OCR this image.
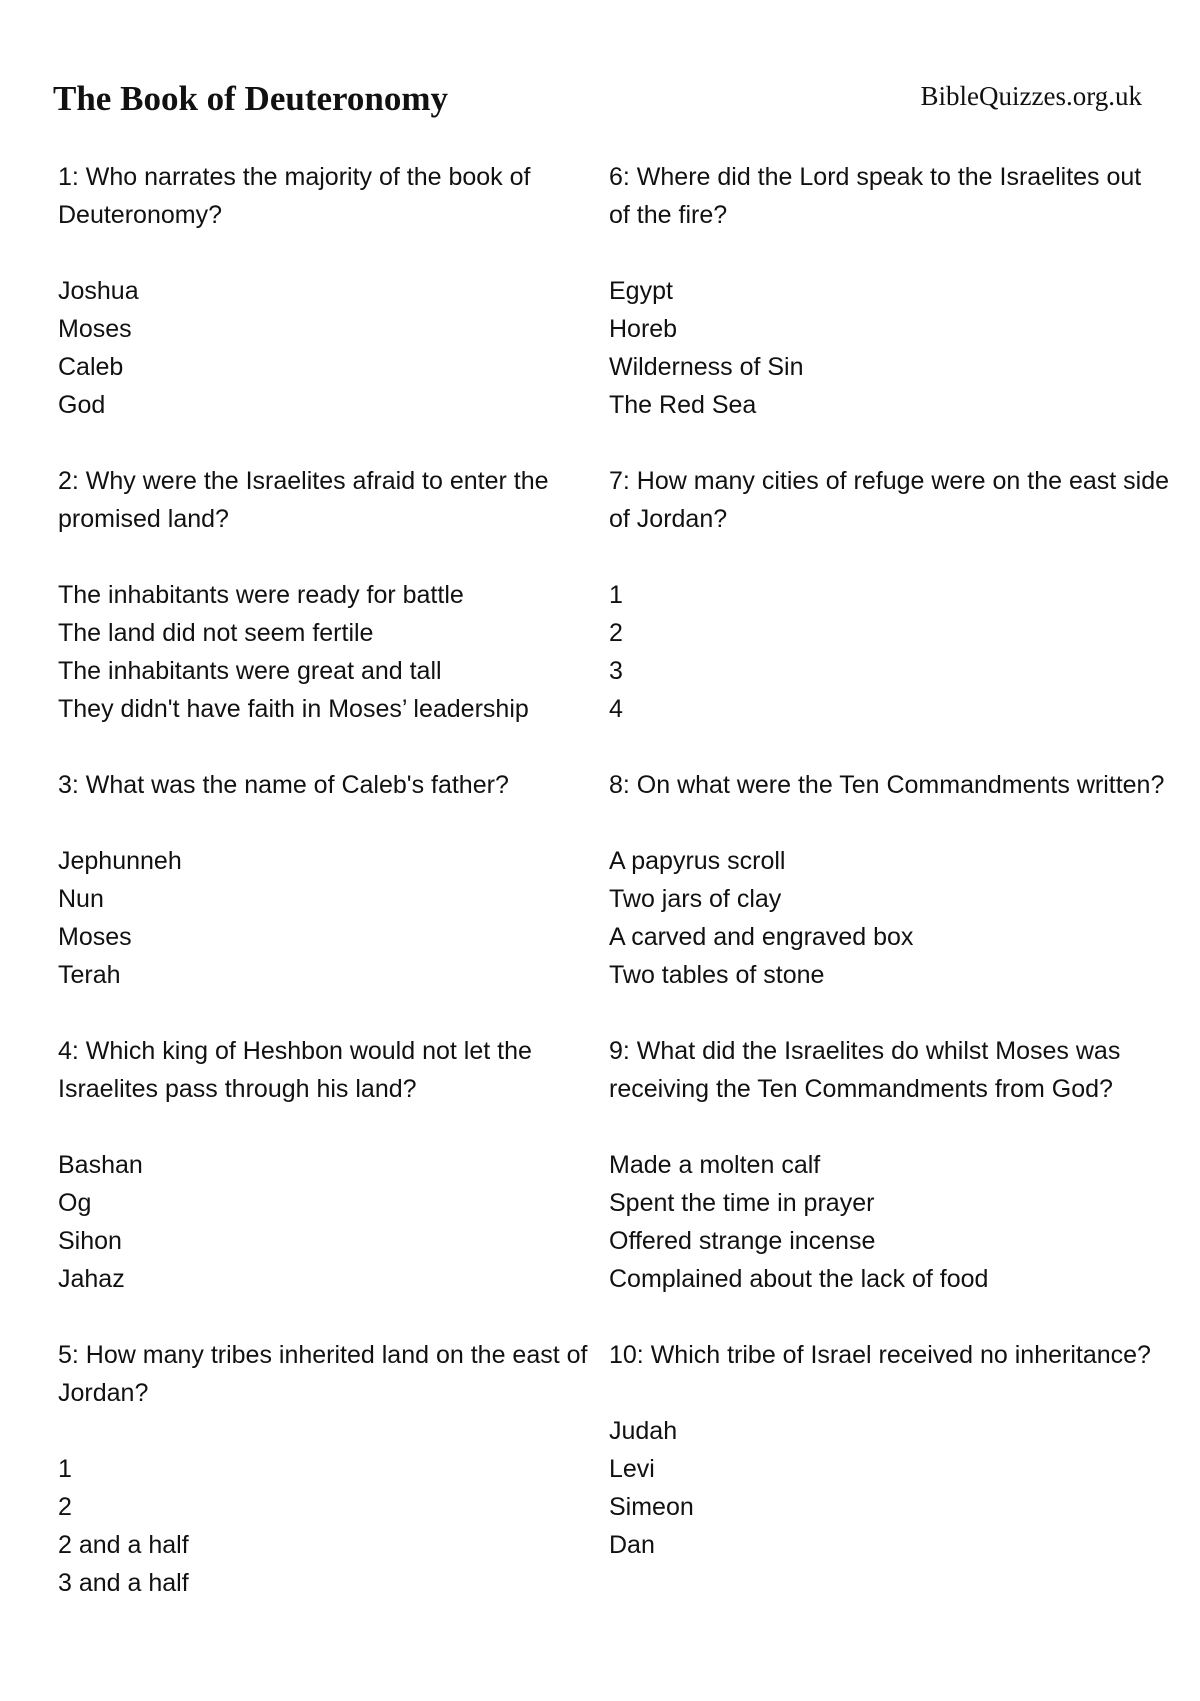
The Book of Deuteronomy	BibleQuizzes.org.uk
1: Who narrates the majority of the book of Deuteronomy?
Joshua
Moses
Caleb
God
2: Why were the Israelites afraid to enter the promised land?
The inhabitants were ready for battle
The land did not seem fertile
The inhabitants were great and tall
They didn't have faith in Moses’ leadership
3: What was the name of Caleb's father?
Jephunneh
Nun
Moses
Terah
4: Which king of Heshbon would not let the Israelites pass through his land?
Bashan
Og
Sihon
Jahaz
5: How many tribes inherited land on the east of Jordan?
1
2
2 and a half
3 and a half
6: Where did the Lord speak to the Israelites out of the fire?
Egypt
Horeb
Wilderness of Sin
The Red Sea
7: How many cities of refuge were on the east side of Jordan?
1
2
3
4
8: On what were the Ten Commandments written?
A papyrus scroll
Two jars of clay
A carved and engraved box
Two tables of stone
9: What did the Israelites do whilst Moses was receiving the Ten Commandments from God?
Made a molten calf
Spent the time in prayer
Offered strange incense
Complained about the lack of food
10: Which tribe of Israel received no inheritance?
Judah
Levi
Simeon
Dan
